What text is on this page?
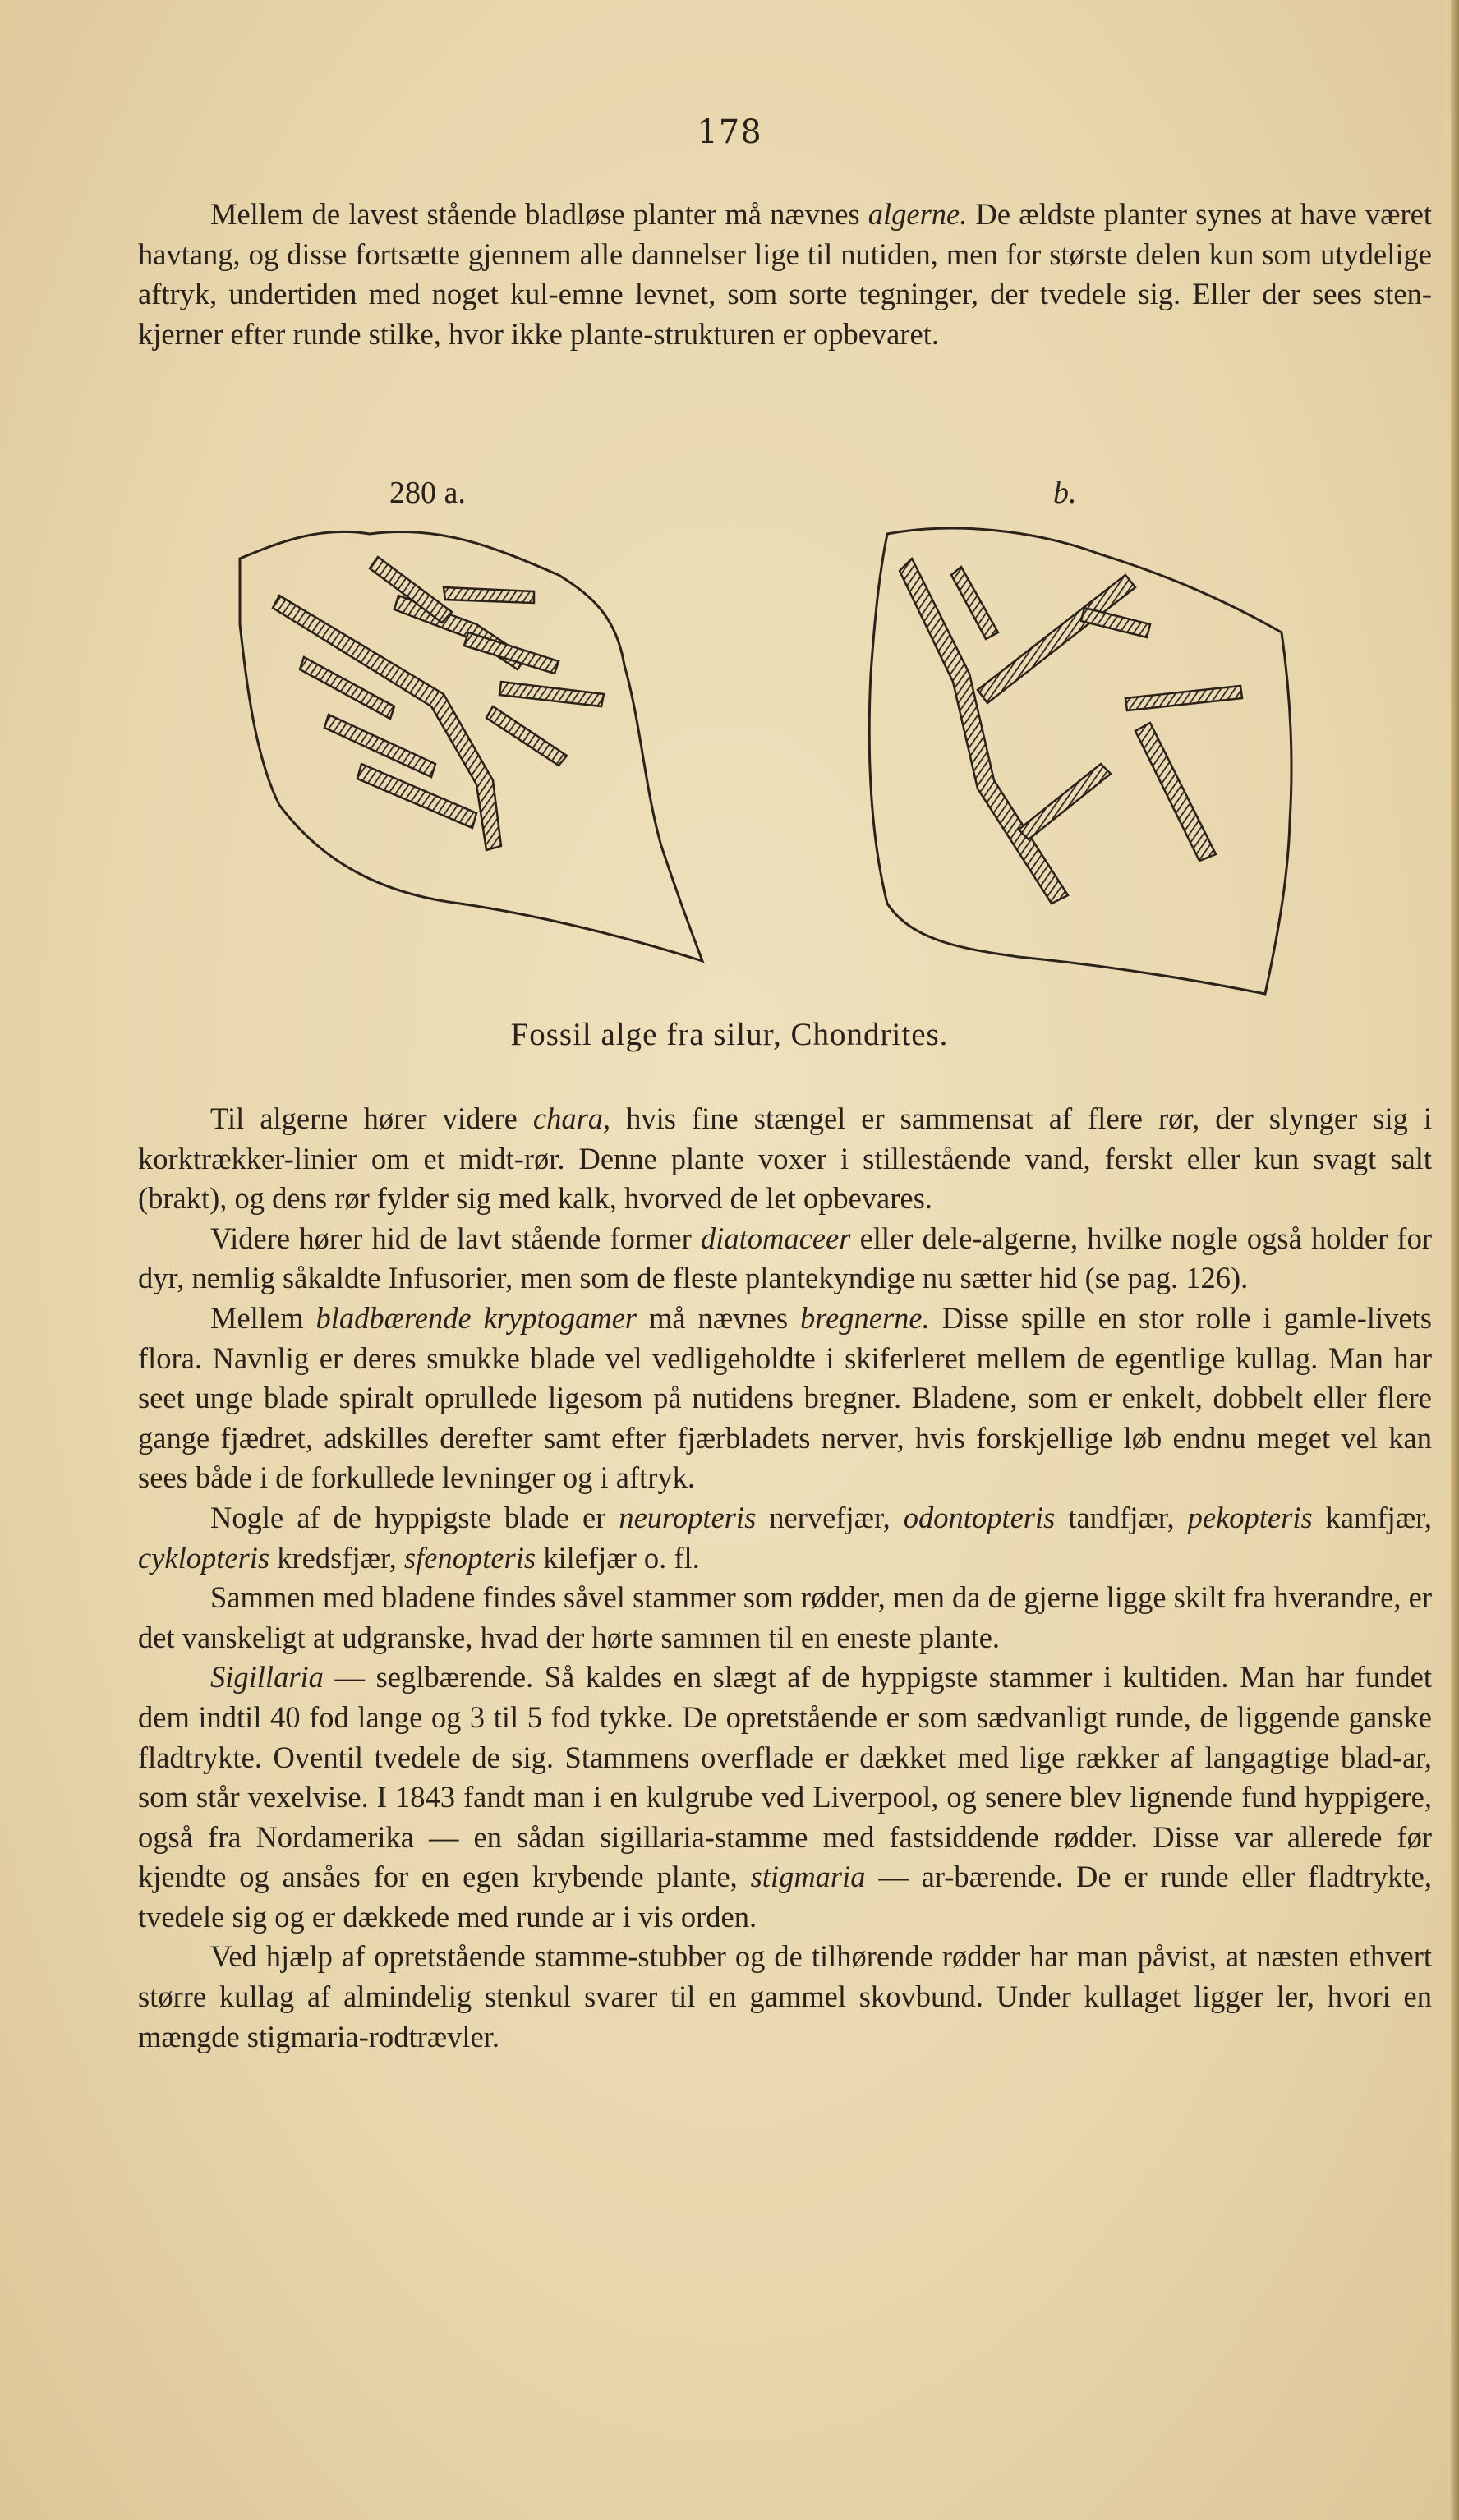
178

Mellem de lavest stående bladløse planter må nævnes algerne. De ældste planter synes at have været havtang, og disse fortsætte gjennem alle dannelser lige til nutiden, men for største delen kun som utydelige aftryk, undertiden med noget kul-emne levnet, som sorte tegninger, der tvedele sig. Eller der sees sten-kjerner efter runde stilke, hvor ikke plante-strukturen er opbevaret.

280 a.	b.
Fossil alge fra silur, Chondrites.

Til algerne hører videre chara, hvis fine stængel er sammensat af flere rør, der slynger sig i korktrækker-linier om et midt-rør. Denne plante voxer i stillestående vand, ferskt eller kun svagt salt (brakt), og dens rør fylder sig med kalk, hvorved de let opbevares.

Videre hører hid de lavt stående former diatomaceer eller dele-algerne, hvilke nogle også holder for dyr, nemlig såkaldte Infusorier, men som de fleste plantekyndige nu sætter hid (se pag. 126).

Mellem bladbærende kryptogamer må nævnes bregnerne. Disse spille en stor rolle i gamle-livets flora. Navnlig er deres smukke blade vel vedligeholdte i skiferleret mellem de egentlige kullag. Man har seet unge blade spiralt oprullede ligesom på nutidens bregner. Bladene, som er enkelt, dobbelt eller flere gange fjædret, adskilles derefter samt efter fjærbladets nerver, hvis forskjellige løb endnu meget vel kan sees både i de forkullede levninger og i aftryk.

Nogle af de hyppigste blade er neuropteris nervefjær, odontopteris tandfjær, pekopteris kamfjær, cyklopteris kredsfjær, sfenopteris kilefjær o. fl.

Sammen med bladene findes såvel stammer som rødder, men da de gjerne ligge skilt fra hverandre, er det vanskeligt at udgranske, hvad der hørte sammen til en eneste plante.

Sigillaria — seglbærende. Så kaldes en slægt af de hyppigste stammer i kultiden. Man har fundet dem indtil 40 fod lange og 3 til 5 fod tykke. De opretstående er som sædvanligt runde, de liggende ganske fladtrykte. Oventil tvedele de sig. Stammens overflade er dækket med lige rækker af langagtige blad-ar, som står vexelvise. I 1843 fandt man i en kulgrube ved Liverpool, og senere blev lignende fund hyppigere, også fra Nordamerika — en sådan sigillaria-stamme med fastsiddende rødder. Disse var allerede før kjendte og ansåes for en egen krybende plante, stigmaria — ar-bærende. De er runde eller fladtrykte, tvedele sig og er dækkede med runde ar i vis orden.

Ved hjælp af opretstående stamme-stubber og de tilhørende rødder har man påvist, at næsten ethvert større kullag af almindelig stenkul svarer til en gammel skovbund. Under kullaget ligger ler, hvori en mængde stigmaria-rodtrævler.
